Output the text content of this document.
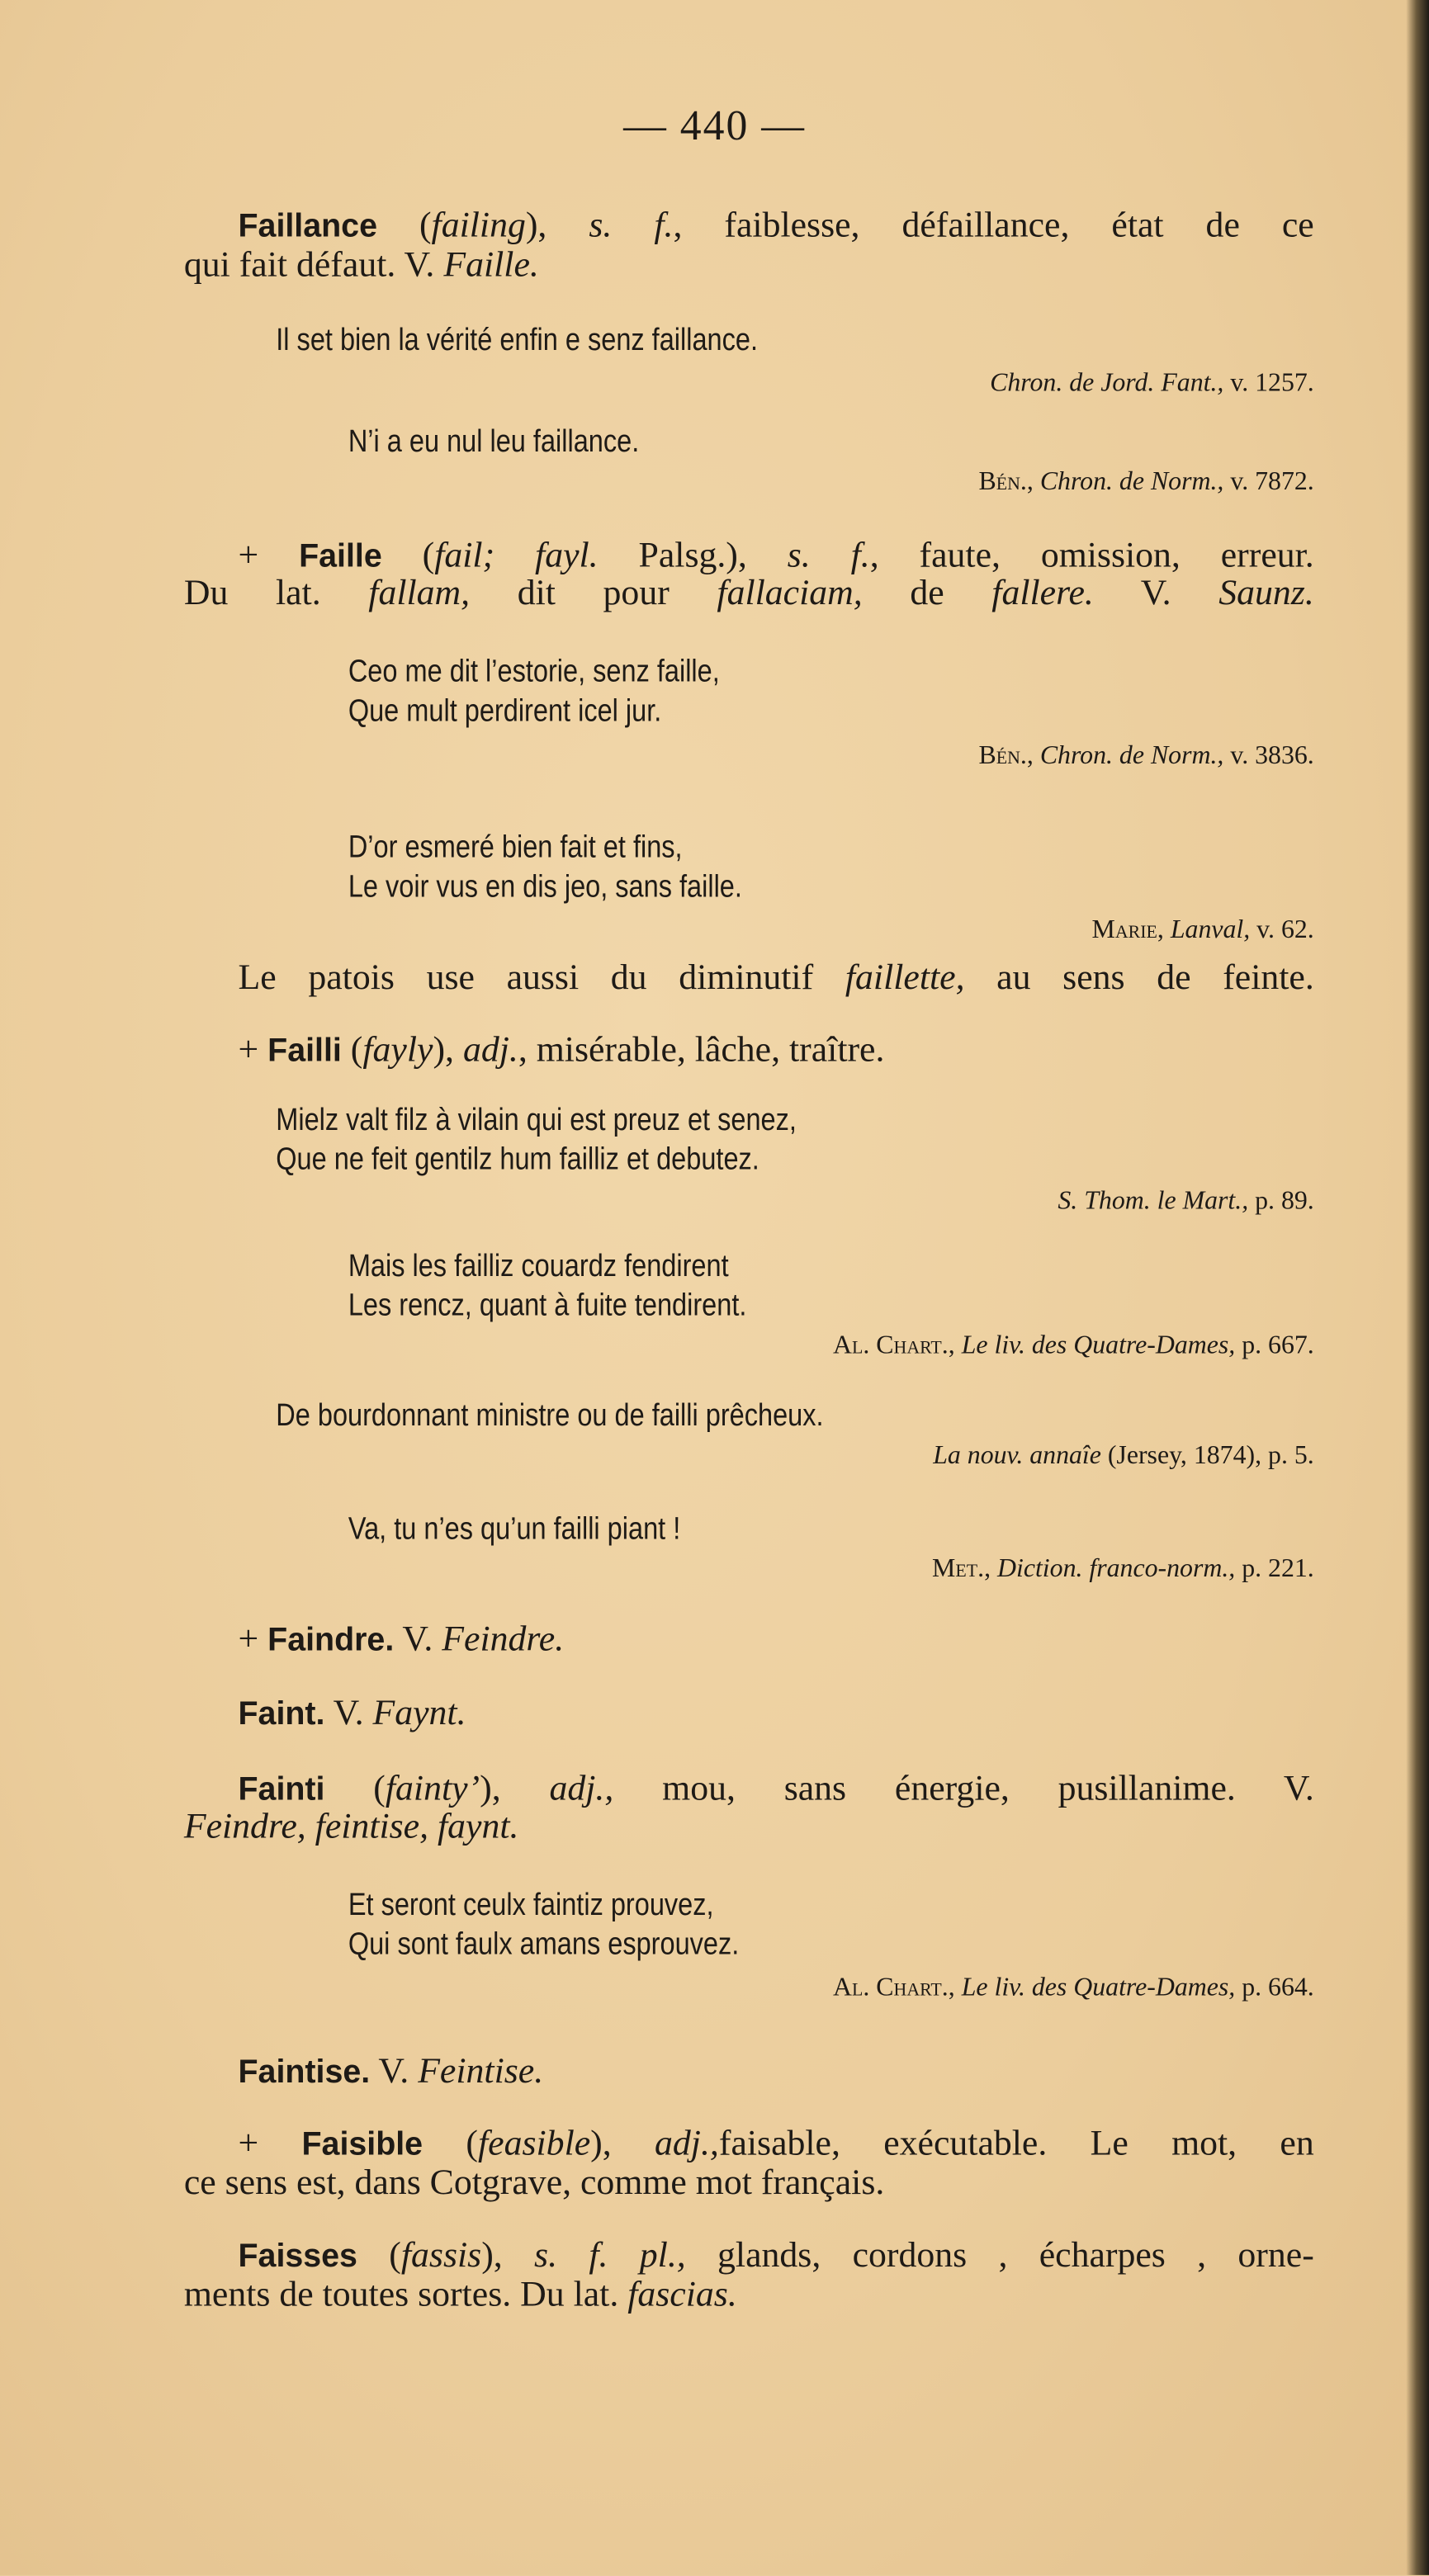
— 440 —
Faillance (failing), s. f., faiblesse, défaillance, état de ce
qui fait défaut. V. Faille.
Il set bien la vérité enfin e senz faillance.
Chron. de Jord. Fant., v. 1257.
N’i a eu nul leu faillance.
Bén., Chron. de Norm., v. 7872.
+ Faille (fail; fayl. Palsg.), s. f., faute, omission, erreur.
Du lat. fallam, dit pour fallaciam, de fallere. V. Saunz.
Ceo me dit l’estorie, senz faille,
Que mult perdirent icel jur.
Bén., Chron. de Norm., v. 3836.
D’or esmeré bien fait et fins,
Le voir vus en dis jeo, sans faille.
Marie, Lanval, v. 62.
Le patois use aussi du diminutif faillette, au sens de feinte.
+ Failli (fayly), adj., misérable, lâche, traître.
Mielz valt filz à vilain qui est preuz et senez,
Que ne feit gentilz hum failliz et debutez.
S. Thom. le Mart., p. 89.
Mais les failliz couardz fendirent
Les rencz, quant à fuite tendirent.
Al. Chart., Le liv. des Quatre-Dames, p. 667.
De bourdonnant ministre ou de failli prêcheux.
La nouv. annaîe (Jersey, 1874), p. 5.
Va, tu n’es qu’un failli piant !
Met., Diction. franco-norm., p. 221.
+ Faindre. V. Feindre.
Faint. V. Faynt.
Fainti (fainty’), adj., mou, sans énergie, pusillanime. V.
Feindre, feintise, faynt.
Et seront ceulx faintiz prouvez,
Qui sont faulx amans esprouvez.
Al. Chart., Le liv. des Quatre-Dames, p. 664.
Faintise. V. Feintise.
+ Faisible (feasible), adj.,faisable, exécutable. Le mot, en
ce sens est, dans Cotgrave, comme mot français.
Faisses (fassis), s. f. pl., glands, cordons , écharpes , orne-
ments de toutes sortes. Du lat. fascias.
